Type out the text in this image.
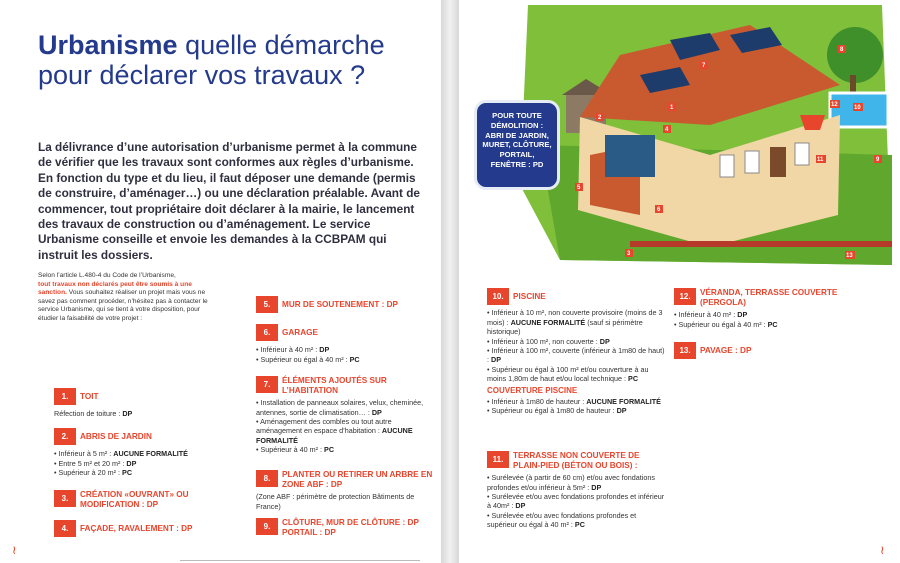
Urbanisme quelle démarche pour déclarer vos travaux ?

La délivrance d’une autorisation d’urbanisme permet à la commune de vérifier que les travaux sont conformes aux règles d’urbanisme. En fonction du type et du lieu, il faut déposer une demande (permis de construire, d’aménager…) ou une déclaration préalable. Avant de commencer, tout propriétaire doit déclarer à la mairie, le lancement des travaux de construction ou d’aménagement. Le service Urbanisme conseille et envoie les demandes à la CCBPAM qui instruit les dossiers.

Selon l’article L.480-4 du Code de l’Urbanisme,
tout travaux non déclarés peut être soumis à une sanction. Vous souhaitez réaliser un projet mais vous ne savez pas comment procéder, n’hésitez pas à contacter le service Urbanisme, qui se tient à votre disposition, pour étudier la faisabilité de votre projet :

1.	TOIT
Réfection de toiture : DP
2.	ABRIS DE JARDIN
• Inférieur à 5 m² : AUCUNE FORMALITÉ
• Entre 5 m² et 20 m² : DP
• Supérieur à 20 m² : PC
3.	CRÉATION «OUVRANT» OU MODIFICATION : DP
4.	FAÇADE, RAVALEMENT : DP
5.	MUR DE SOUTENEMENT : DP
6.	GARAGE
• Inférieur à 40 m² : DP
• Supérieur ou égal à 40 m² : PC
7.	ÉLÉMENTS AJOUTÉS SUR L’HABITATION
• Installation de panneaux solaires, velux, cheminée, antennes, sortie de climatisation… : DP
• Aménagement des combles ou tout autre aménagement en espace d’habitation : AUCUNE FORMALITÉ
• Supérieur à 40 m² : PC
8.	PLANTER OU RETIRER UN ARBRE EN ZONE ABF : DP
(Zone ABF : périmètre de protection Bâtiments de France)
9.	CLÔTURE, MUR DE CLÔTURE : DP PORTAIL : DP
10.	PISCINE
• Inférieur à 10 m², non couverte provisoire (moins de 3 mois) : AUCUNE FORMALITÉ (sauf si périmètre historique)
• Inférieur à 100 m², non couverte : DP
• Inférieur à 100 m², couverte (inférieur à 1m80 de haut) : DP
• Supérieur ou égal à 100 m² et/ou couverture à au moins 1,80m de haut et/ou local technique : PC
COUVERTURE PISCINE
• Inférieur à 1m80 de hauteur : AUCUNE FORMALITÉ
• Supérieur ou égal à 1m80 de hauteur : DP
11.	TERRASSE NON COUVERTE DE PLAIN-PIED (BÉTON OU BOIS) :
• Surélevée (à partir de 60 cm) et/ou avec fondations profondes et/ou inférieur à 5m² : DP
• Surélevée et/ou avec fondations profondes et inférieur à 40m² : DP
• Surélevée et/ou avec fondations profondes et supérieur ou égal à 40 m² : PC
12.	VÉRANDA, TERRASSE COUVERTE (PERGOLA)
• Inférieur à 40 m² : DP
• Supérieur ou égal à 40 m² : PC
13.	PAVAGE : DP
1
2
3
4
5
6
7
8
9
10
11
12
13
POUR TOUTE DÉMOLITION : ABRI DE JARDIN, MURET, CLÔTURE, PORTAIL, FENÊTRE : PD
≀	≀
